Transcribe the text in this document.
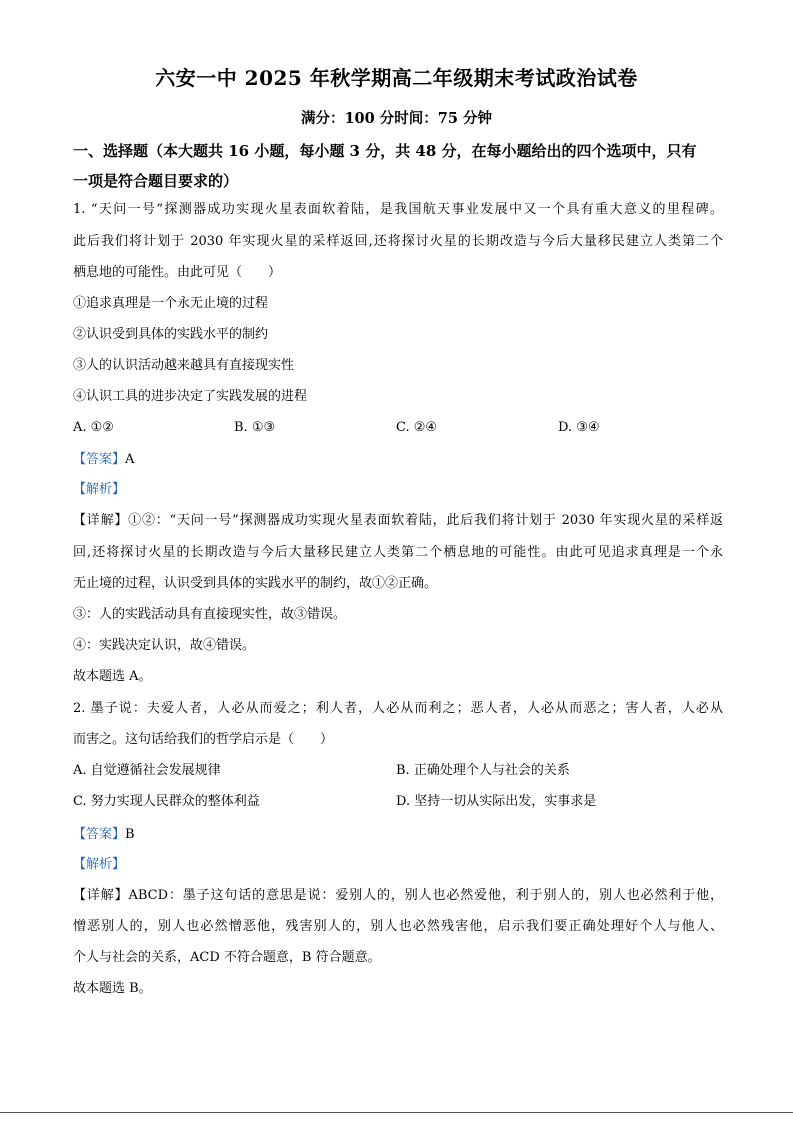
六安一中 2025 年秋学期高二年级期末考试政治试卷
满分：100 分时间：75 分钟
一、选择题（本大题共 16 小题，每小题 3 分，共 48 分，在每小题给出的四个选项中，只有
一项是符合题目要求的）
1. “天问一号”探测器成功实现火星表面软着陆，是我国航天事业发展中又一个具有重大意义的里程碑。
此后我们将计划于 2030 年实现火星的采样返回,还将探讨火星的长期改造与今后大量移民建立人类第二个
栖息地的可能性。由此可见（　　）
①追求真理是一个永无止境的过程
②认识受到具体的实践水平的制约
③人的认识活动越来越具有直接现实性
④认识工具的进步决定了实践发展的进程
A. ①②	B. ①③	C. ②④	D. ③④
【答案】A
【解析】
【详解】①②：“天问一号”探测器成功实现火星表面软着陆，此后我们将计划于 2030 年实现火星的采样返
回,还将探讨火星的长期改造与今后大量移民建立人类第二个栖息地的可能性。由此可见追求真理是一个永
无止境的过程，认识受到具体的实践水平的制约，故①②正确。
③：人的实践活动具有直接现实性，故③错误。
④：实践决定认识，故④错误。
故本题选 A。
2. 墨子说：夫爱人者，人必从而爱之；利人者，人必从而利之；恶人者，人必从而恶之；害人者，人必从
而害之。这句话给我们的哲学启示是（　　）
A. 自觉遵循社会发展规律	B. 正确处理个人与社会的关系
C. 努力实现人民群众的整体利益	D. 坚持一切从实际出发，实事求是
【答案】B
【解析】
【详解】ABCD：墨子这句话的意思是说：爱别人的，别人也必然爱他，利于别人的，别人也必然利于他，
憎恶别人的，别人也必然憎恶他，残害别人的，别人也必然残害他，启示我们要正确处理好个人与他人、
个人与社会的关系，ACD 不符合题意，B 符合题意。
故本题选 B。
